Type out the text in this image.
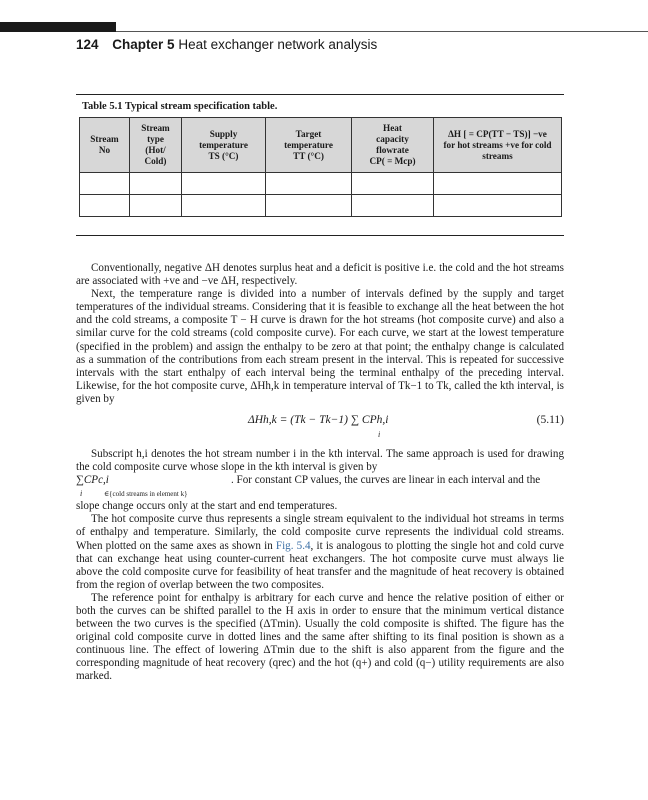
124 Chapter 5 Heat exchanger network analysis
Table 5.1 Typical stream specification table.
Stream
No	Stream
type
(Hot/
Cold)	Supply
temperature
TS (°C)	Target
temperature
TT (°C)	Heat
capacity
flowrate
CP( = Mcp)	ΔH [ = CP(TT − TS)] −ve
for hot streams +ve for cold
streams

Conventionally, negative ΔH denotes surplus heat and a deficit is positive i.e. the cold and the hot streams are associated with +ve and −ve ΔH, respectively.

Next, the temperature range is divided into a number of intervals defined by the supply and target temperatures of the individual streams. Considering that it is feasible to exchange all the heat between the hot and the cold streams, a composite T − H curve is drawn for the hot streams (hot composite curve) and also a similar curve for the cold streams (cold composite curve). For each curve, we start at the lowest temperature (specified in the problem) and assign the enthalpy to be zero at that point; the enthalpy change is calculated as a summation of the contributions from each stream present in the interval. This is repeated for successive intervals with the start enthalpy of each interval being the terminal enthalpy of the preceding interval. Likewise, for the hot composite curve, ΔHh,k in temperature interval of Tk−1 to Tk, called the kth interval, is given by

ΔHh,k = (Tk − Tk−1) ∑ CPh,i
i
(5.11)

Subscript h,i denotes the hot stream number i in the kth interval. The same approach is used for drawing the cold composite curve whose slope in the kth interval is given by

∑CPc,i
i	∈{cold streams in element k}
. For constant CP values, the curves are linear in each interval and the

slope change occurs only at the start and end temperatures.

The hot composite curve thus represents a single stream equivalent to the individual hot streams in terms of enthalpy and temperature. Similarly, the cold composite curve represents the individual cold streams. When plotted on the same axes as shown in Fig. 5.4, it is analogous to plotting the single hot and cold curve that can exchange heat using counter-current heat exchangers. The hot composite curve must always lie above the cold composite curve for feasibility of heat transfer and the magnitude of heat recovery is obtained from the region of overlap between the two composites.

The reference point for enthalpy is arbitrary for each curve and hence the relative position of either or both the curves can be shifted parallel to the H axis in order to ensure that the minimum vertical distance between the two curves is the specified (ΔTmin). Usually the cold composite is shifted. The figure has the original cold composite curve in dotted lines and the same after shifting to its final position is shown as a continuous line. The effect of lowering ΔTmin due to the shift is also apparent from the figure and the corresponding magnitude of heat recovery (qrec) and the hot (q+) and cold (q−) utility requirements are also marked.
